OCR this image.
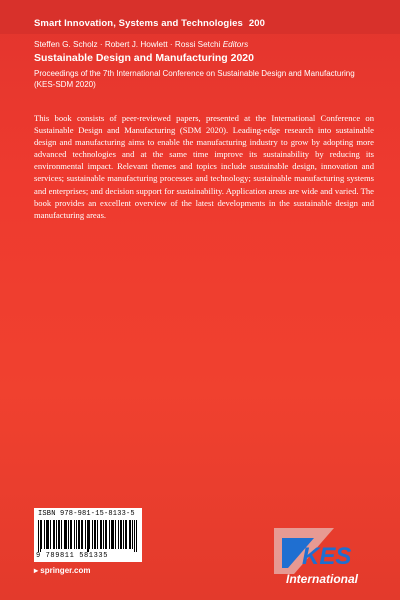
Smart Innovation, Systems and Technologies 200
Steffen G. Scholz · Robert J. Howlett · Rossi Setchi Editors
Sustainable Design and Manufacturing 2020
Proceedings of the 7th International Conference on Sustainable Design and Manufacturing (KES-SDM 2020)
This book consists of peer-reviewed papers, presented at the International Conference on Sustainable Design and Manufacturing (SDM 2020). Leading-edge research into sustainable design and manufacturing aims to enable the manufacturing industry to grow by adopting more advanced technologies and at the same time improve its sustainability by reducing its environmental impact. Relevant themes and topics include sustainable design, innovation and services; sustainable manufacturing processes and technology; sustainable manufacturing systems and enterprises; and decision support for sustainability. Application areas are wide and varied. The book provides an excellent overview of the latest developments in the sustainable design and manufacturing areas.
ISBN 978-981-15-8133-5
9 789811 581335
▸ springer.com
KES
International
